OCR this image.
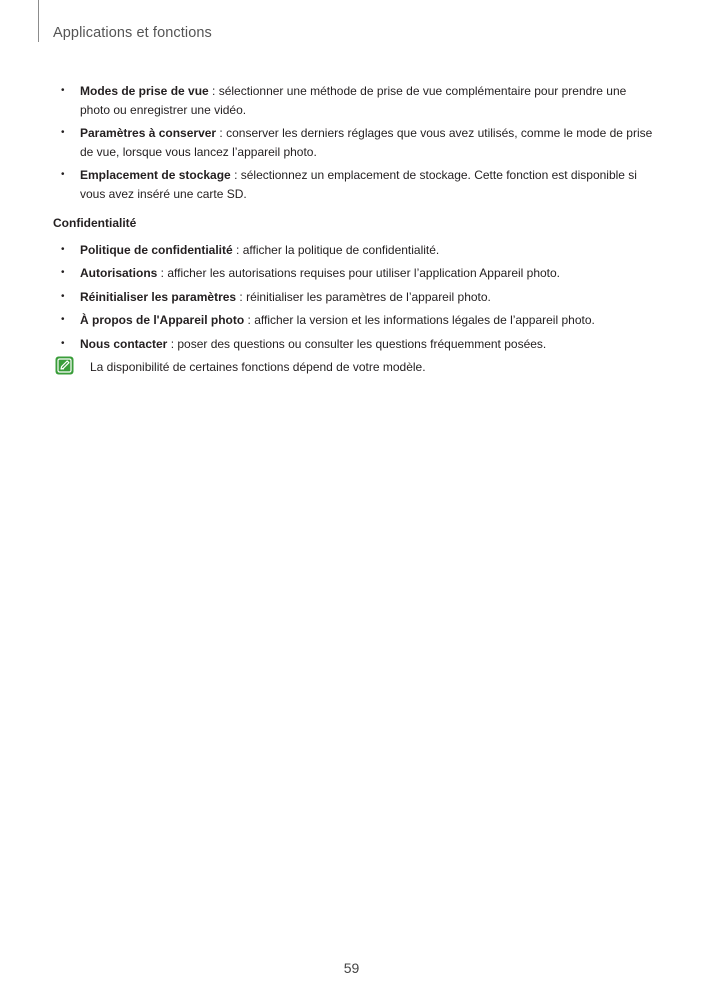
Applications et fonctions
• Modes de prise de vue : sélectionner une méthode de prise de vue complémentaire pour prendre une photo ou enregistrer une vidéo.
• Paramètres à conserver : conserver les derniers réglages que vous avez utilisés, comme le mode de prise de vue, lorsque vous lancez l’appareil photo.
• Emplacement de stockage : sélectionnez un emplacement de stockage. Cette fonction est disponible si vous avez inséré une carte SD.
Confidentialité
• Politique de confidentialité : afficher la politique de confidentialité.
• Autorisations : afficher les autorisations requises pour utiliser l’application Appareil photo.
• Réinitialiser les paramètres : réinitialiser les paramètres de l’appareil photo.
• À propos de l'Appareil photo : afficher la version et les informations légales de l’appareil photo.
• Nous contacter : poser des questions ou consulter les questions fréquemment posées.
La disponibilité de certaines fonctions dépend de votre modèle.
59
